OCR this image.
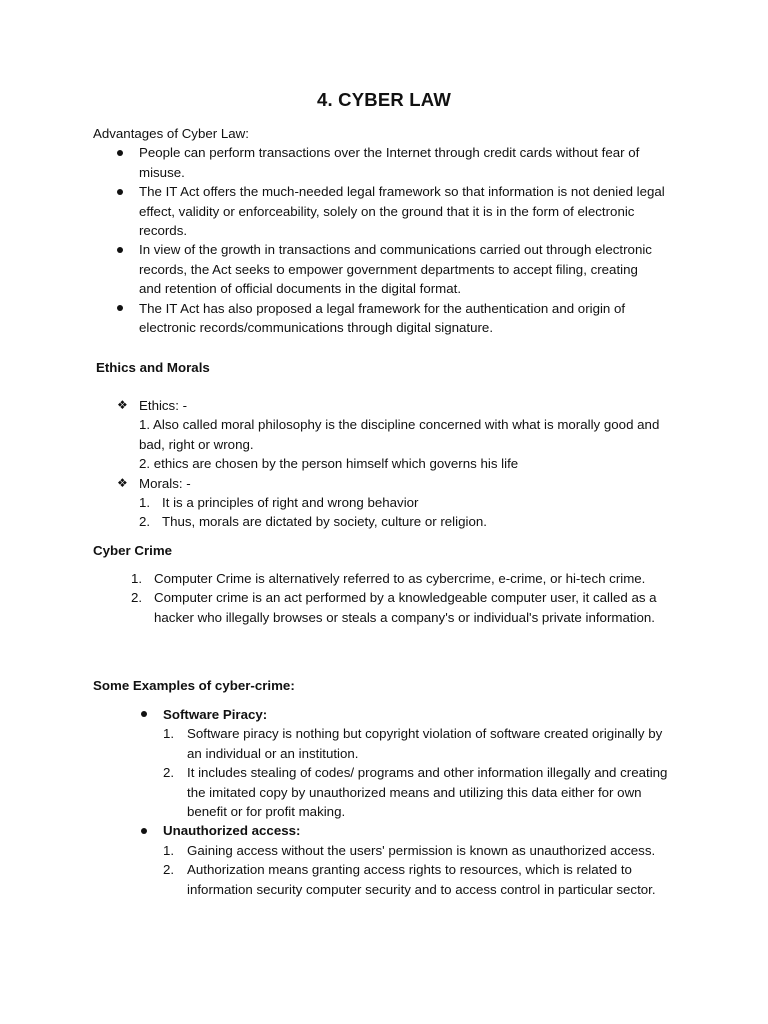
4. CYBER LAW

Advantages of Cyber Law:

People can perform transactions over the Internet through credit cards without fear of misuse.
The IT Act offers the much-needed legal framework so that information is not denied legal effect, validity or enforceability, solely on the ground that it is in the form of electronic records.
In view of the growth in transactions and communications carried out through electronic records, the Act seeks to empower government departments to accept filing, creating and retention of official documents in the digital format.
The IT Act has also proposed a legal framework for the authentication and origin of electronic records/communications through digital signature.

Ethics and Morals

❖ Ethics: -
1. Also called moral philosophy is the discipline concerned with what is morally good and bad, right or wrong.
2. ethics are chosen by the person himself which governs his life
❖ Morals: -
1. It is a principles of right and wrong behavior
2. Thus, morals are dictated by society, culture or religion.

Cyber Crime

1. Computer Crime is alternatively referred to as cybercrime, e-crime, or hi-tech crime.
2. Computer crime is an act performed by a knowledgeable computer user, it called as a hacker who illegally browses or steals a company's or individual's private information.

Some Examples of cyber-crime:

Software Piracy:
1. Software piracy is nothing but copyright violation of software created originally by an individual or an institution.
2. It includes stealing of codes/ programs and other information illegally and creating the imitated copy by unauthorized means and utilizing this data either for own benefit or for profit making.
Unauthorized access:
1. Gaining access without the users' permission is known as unauthorized access.
2. Authorization means granting access rights to resources, which is related to information security computer security and to access control in particular sector.
